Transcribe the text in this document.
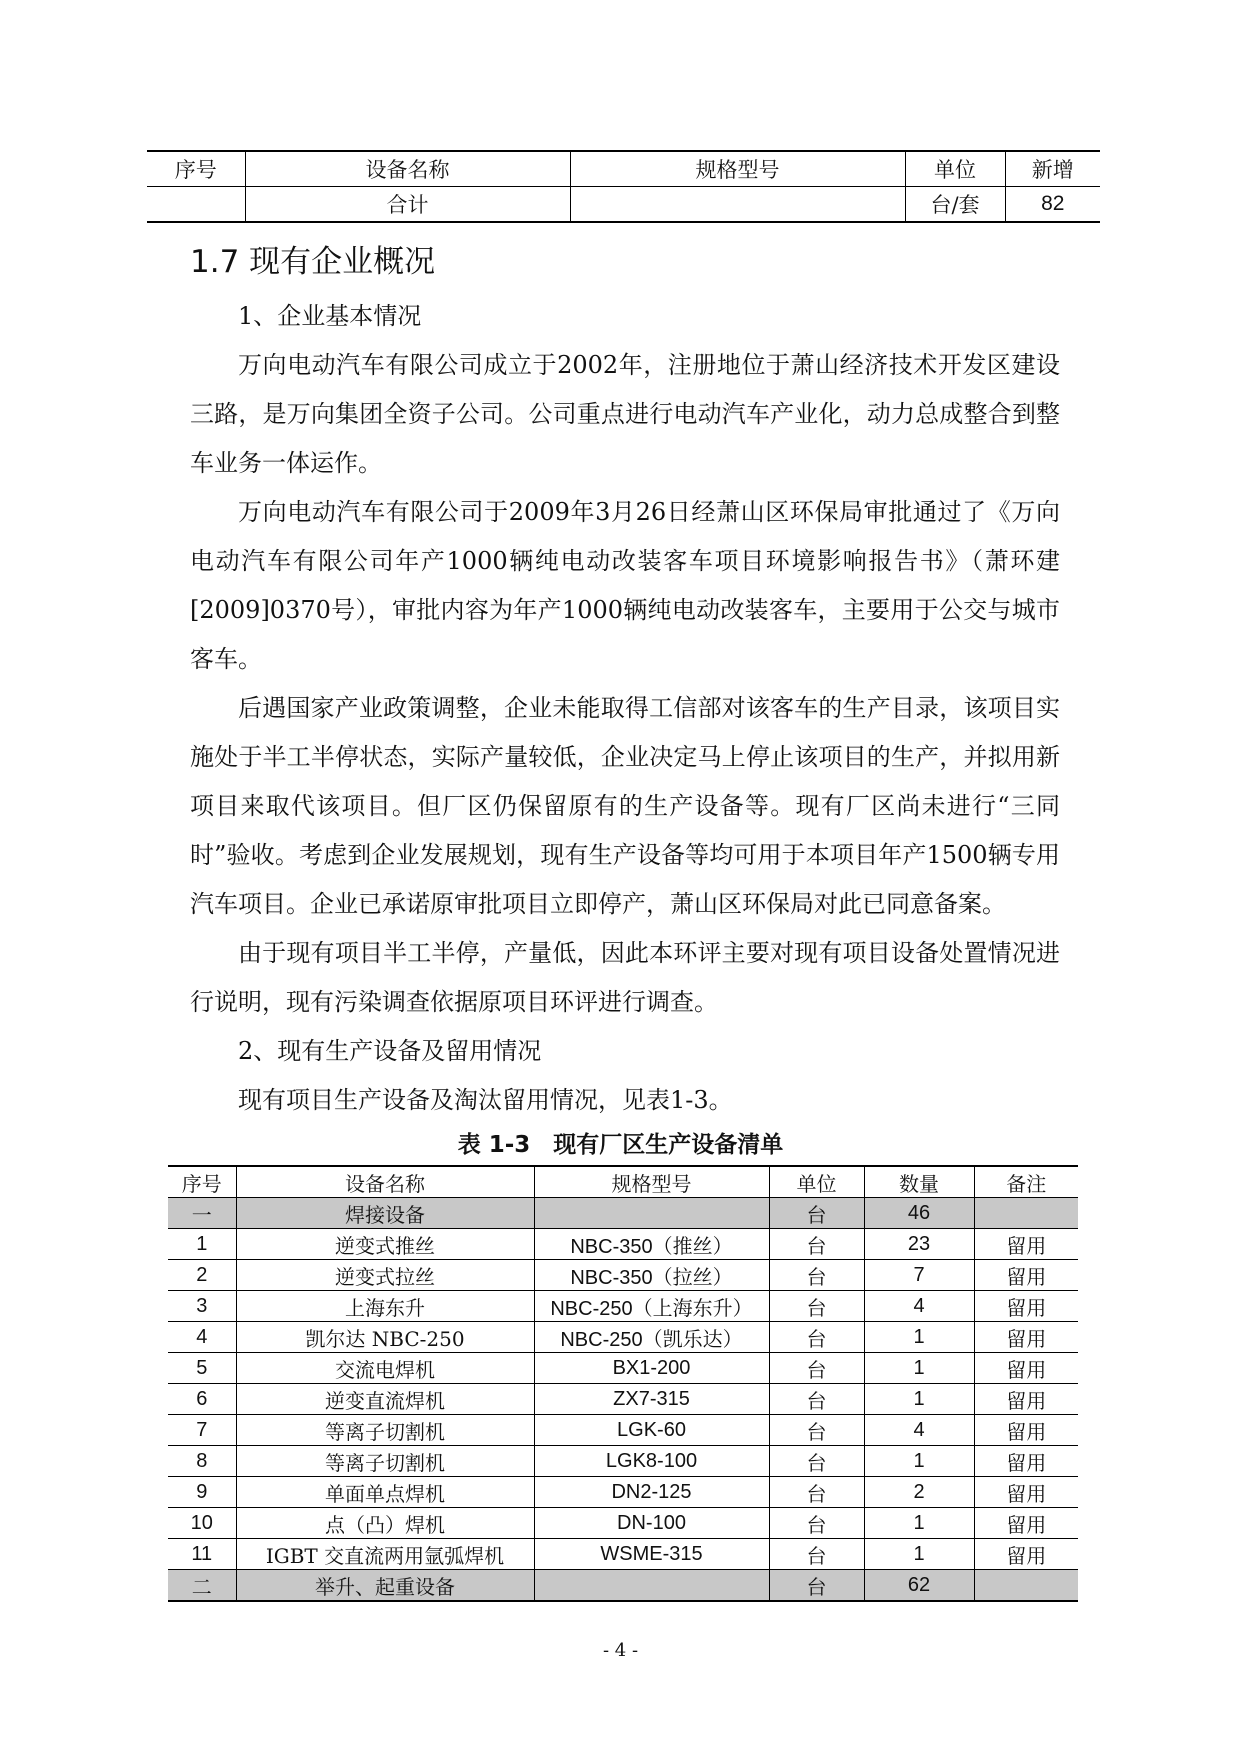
序号	设备名称	规格型号	单位	新增
	合计		台/套	82
1.7 现有企业概况
1、企业基本情况
万向电动汽车有限公司成立于2002年，注册地位于萧山经济技术开发区建设三路，是万向集团全资子公司。公司重点进行电动汽车产业化，动力总成整合到整车业务一体运作。
万向电动汽车有限公司于2009年3月26日经萧山区环保局审批通过了《万向电动汽车有限公司年产1000辆纯电动改装客车项目环境影响报告书》（萧环建[2009]0370号），审批内容为年产1000辆纯电动改装客车，主要用于公交与城市客车。
后遇国家产业政策调整，企业未能取得工信部对该客车的生产目录，该项目实施处于半工半停状态，实际产量较低，企业决定马上停止该项目的生产，并拟用新项目来取代该项目。但厂区仍保留原有的生产设备等。现有厂区尚未进行“三同时”验收。考虑到企业发展规划，现有生产设备等均可用于本项目年产1500辆专用汽车项目。企业已承诺原审批项目立即停产，萧山区环保局对此已同意备案。
由于现有项目半工半停，产量低，因此本环评主要对现有项目设备处置情况进行说明，现有污染调查依据原项目环评进行调查。
2、现有生产设备及留用情况
现有项目生产设备及淘汰留用情况，见表1-3。
表 1-3　现有厂区生产设备清单
序号	设备名称	规格型号	单位	数量	备注
一	焊接设备		台	46	
1	逆变式推丝	NBC-350（推丝）	台	23	留用
2	逆变式拉丝	NBC-350（拉丝）	台	7	留用
3	上海东升	NBC-250（上海东升）	台	4	留用
4	凯尔达 NBC-250	NBC-250（凯乐达）	台	1	留用
5	交流电焊机	BX1-200	台	1	留用
6	逆变直流焊机	ZX7-315	台	1	留用
7	等离子切割机	LGK-60	台	4	留用
8	等离子切割机	LGK8-100	台	1	留用
9	单面单点焊机	DN2-125	台	2	留用
10	点（凸）焊机	DN-100	台	1	留用
11	IGBT 交直流两用氩弧焊机	WSME-315	台	1	留用
二	举升、起重设备		台	62	
- 4 -
